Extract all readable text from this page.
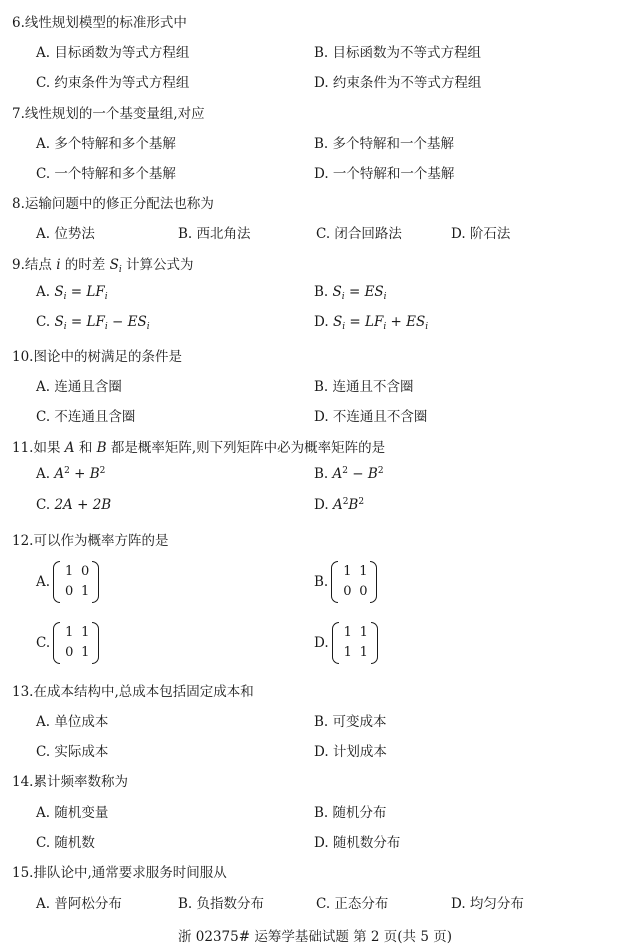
6.线性规划模型的标准形式中
A. 目标函数为等式方程组	B. 目标函数为不等式方程组
C. 约束条件为等式方程组	D. 约束条件为不等式方程组
7.线性规划的一个基变量组,对应
A. 多个特解和多个基解	B. 多个特解和一个基解
C. 一个特解和多个基解	D. 一个特解和一个基解
8.运输问题中的修正分配法也称为
A. 位势法	B. 西北角法	C. 闭合回路法	D. 阶石法
9.结点 i 的时差 $S_i$ 计算公式为
A. $S_i = LF_i$	B. $S_i = ES_i$
C. $S_i = LF_i - ES_i$	D. $S_i = LF_i + ES_i$
10.图论中的树满足的条件是
A. 连通且含圈	B. 连通且不含圈
C. 不连通且含圈	D. 不连通且不含圈
11.如果 A 和 B 都是概率矩阵,则下列矩阵中必为概率矩阵的是
A. $A^2 + B^2$	B. $A^2 - B^2$
C. 2A + 2B	D. $A^2B^2$
12.可以作为概率方阵的是
A.
1 0
0 1
B.
1 1
0 0
C.
1 1
0 1
D.
1 1
1 1
13.在成本结构中,总成本包括固定成本和
A. 单位成本	B. 可变成本
C. 实际成本	D. 计划成本
14.累计频率数称为
A. 随机变量	B. 随机分布
C. 随机数	D. 随机数分布
15.排队论中,通常要求服务时间服从
A. 普阿松分布	B. 负指数分布	C. 正态分布	D. 均匀分布
浙 02375# 运筹学基础试题 第 2 页(共 5 页)
